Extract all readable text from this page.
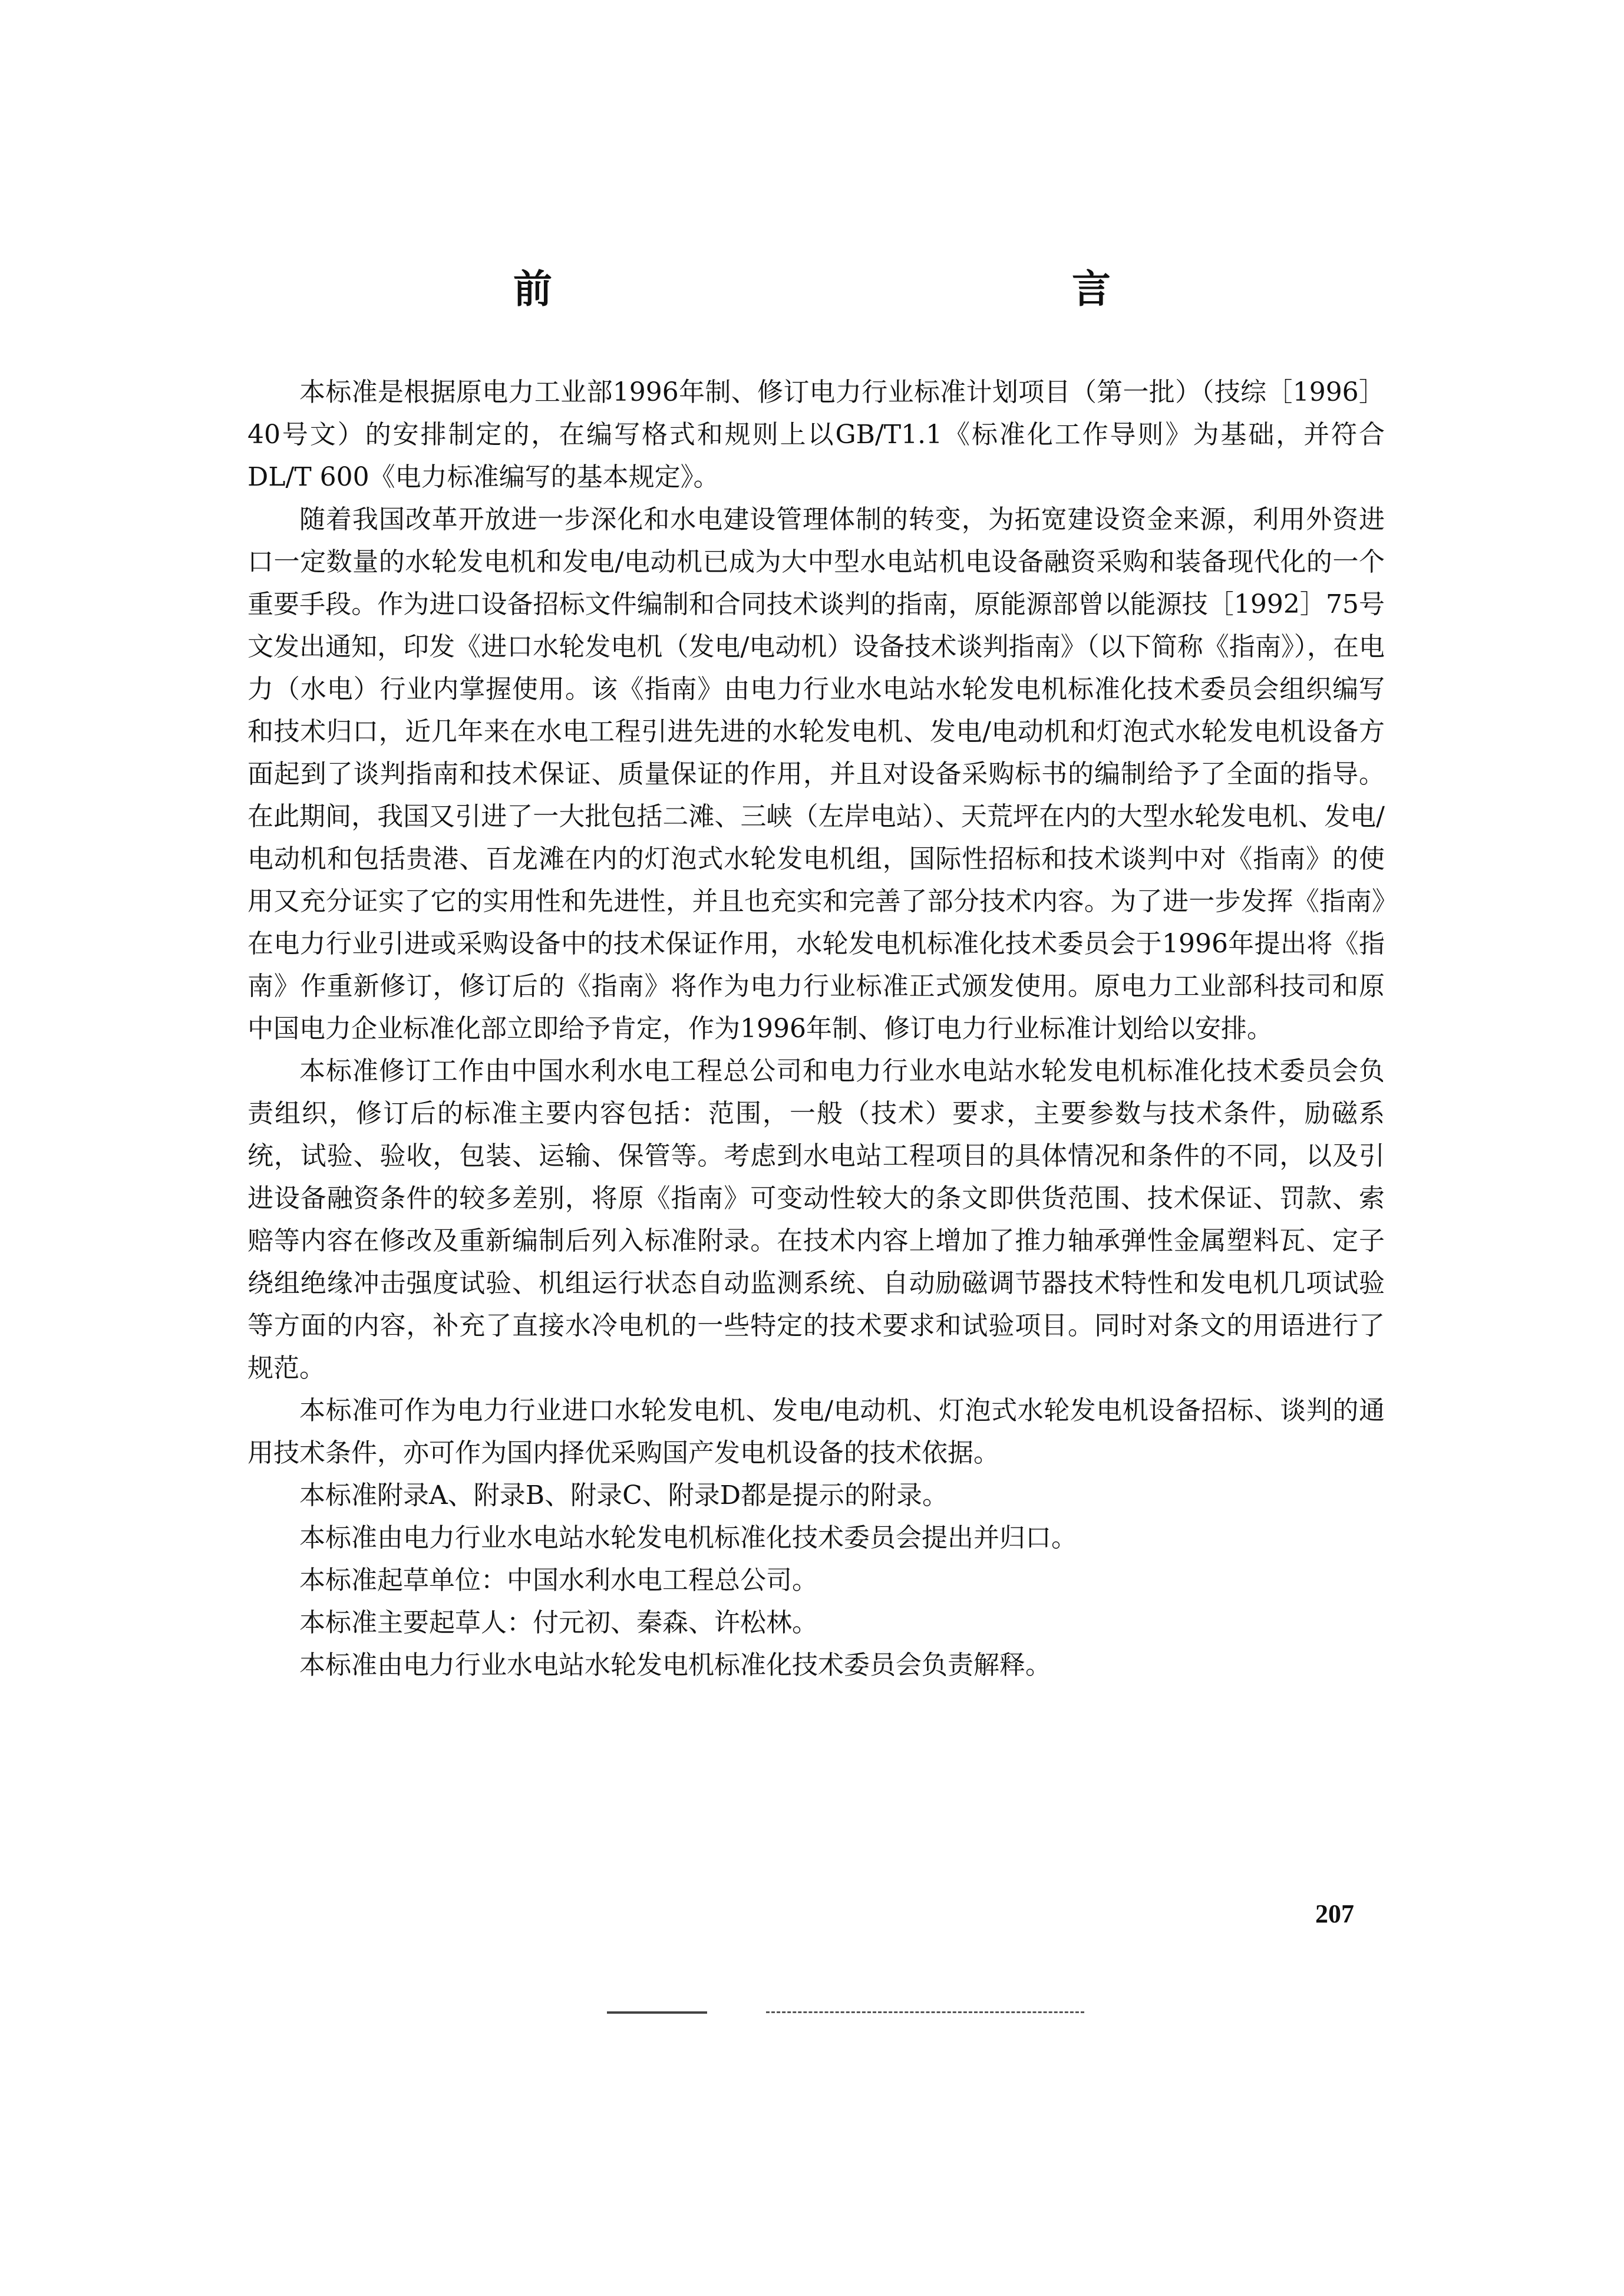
前　　言

本标准是根据原电力工业部1996年制、修订电力行业标准计划项目（第一批）（技综［1996］40号文）的安排制定的，在编写格式和规则上以GB/T1.1《标准化工作导则》为基础，并符合DL/T 600《电力标准编写的基本规定》。

随着我国改革开放进一步深化和水电建设管理体制的转变，为拓宽建设资金来源，利用外资进口一定数量的水轮发电机和发电/电动机已成为大中型水电站机电设备融资采购和装备现代化的一个重要手段。作为进口设备招标文件编制和合同技术谈判的指南，原能源部曾以能源技［1992］75号文发出通知，印发《进口水轮发电机（发电/电动机）设备技术谈判指南》（以下简称《指南》），在电力（水电）行业内掌握使用。该《指南》由电力行业水电站水轮发电机标准化技术委员会组织编写和技术归口，近几年来在水电工程引进先进的水轮发电机、发电/电动机和灯泡式水轮发电机设备方面起到了谈判指南和技术保证、质量保证的作用，并且对设备采购标书的编制给予了全面的指导。在此期间，我国又引进了一大批包括二滩、三峡（左岸电站）、天荒坪在内的大型水轮发电机、发电/电动机和包括贵港、百龙滩在内的灯泡式水轮发电机组，国际性招标和技术谈判中对《指南》的使用又充分证实了它的实用性和先进性，并且也充实和完善了部分技术内容。为了进一步发挥《指南》在电力行业引进或采购设备中的技术保证作用，水轮发电机标准化技术委员会于1996年提出将《指南》作重新修订，修订后的《指南》将作为电力行业标准正式颁发使用。原电力工业部科技司和原中国电力企业标准化部立即给予肯定，作为1996年制、修订电力行业标准计划给以安排。

本标准修订工作由中国水利水电工程总公司和电力行业水电站水轮发电机标准化技术委员会负责组织，修订后的标准主要内容包括：范围，一般（技术）要求，主要参数与技术条件，励磁系统，试验、验收，包装、运输、保管等。考虑到水电站工程项目的具体情况和条件的不同，以及引进设备融资条件的较多差别，将原《指南》可变动性较大的条文即供货范围、技术保证、罚款、索赔等内容在修改及重新编制后列入标准附录。在技术内容上增加了推力轴承弹性金属塑料瓦、定子绕组绝缘冲击强度试验、机组运行状态自动监测系统、自动励磁调节器技术特性和发电机几项试验等方面的内容，补充了直接水冷电机的一些特定的技术要求和试验项目。同时对条文的用语进行了规范。

本标准可作为电力行业进口水轮发电机、发电/电动机、灯泡式水轮发电机设备招标、谈判的通用技术条件，亦可作为国内择优采购国产发电机设备的技术依据。

本标准附录A、附录B、附录C、附录D都是提示的附录。

本标准由电力行业水电站水轮发电机标准化技术委员会提出并归口。

本标准起草单位：中国水利水电工程总公司。

本标准主要起草人：付元初、秦森、许松林。

本标准由电力行业水电站水轮发电机标准化技术委员会负责解释。

207
